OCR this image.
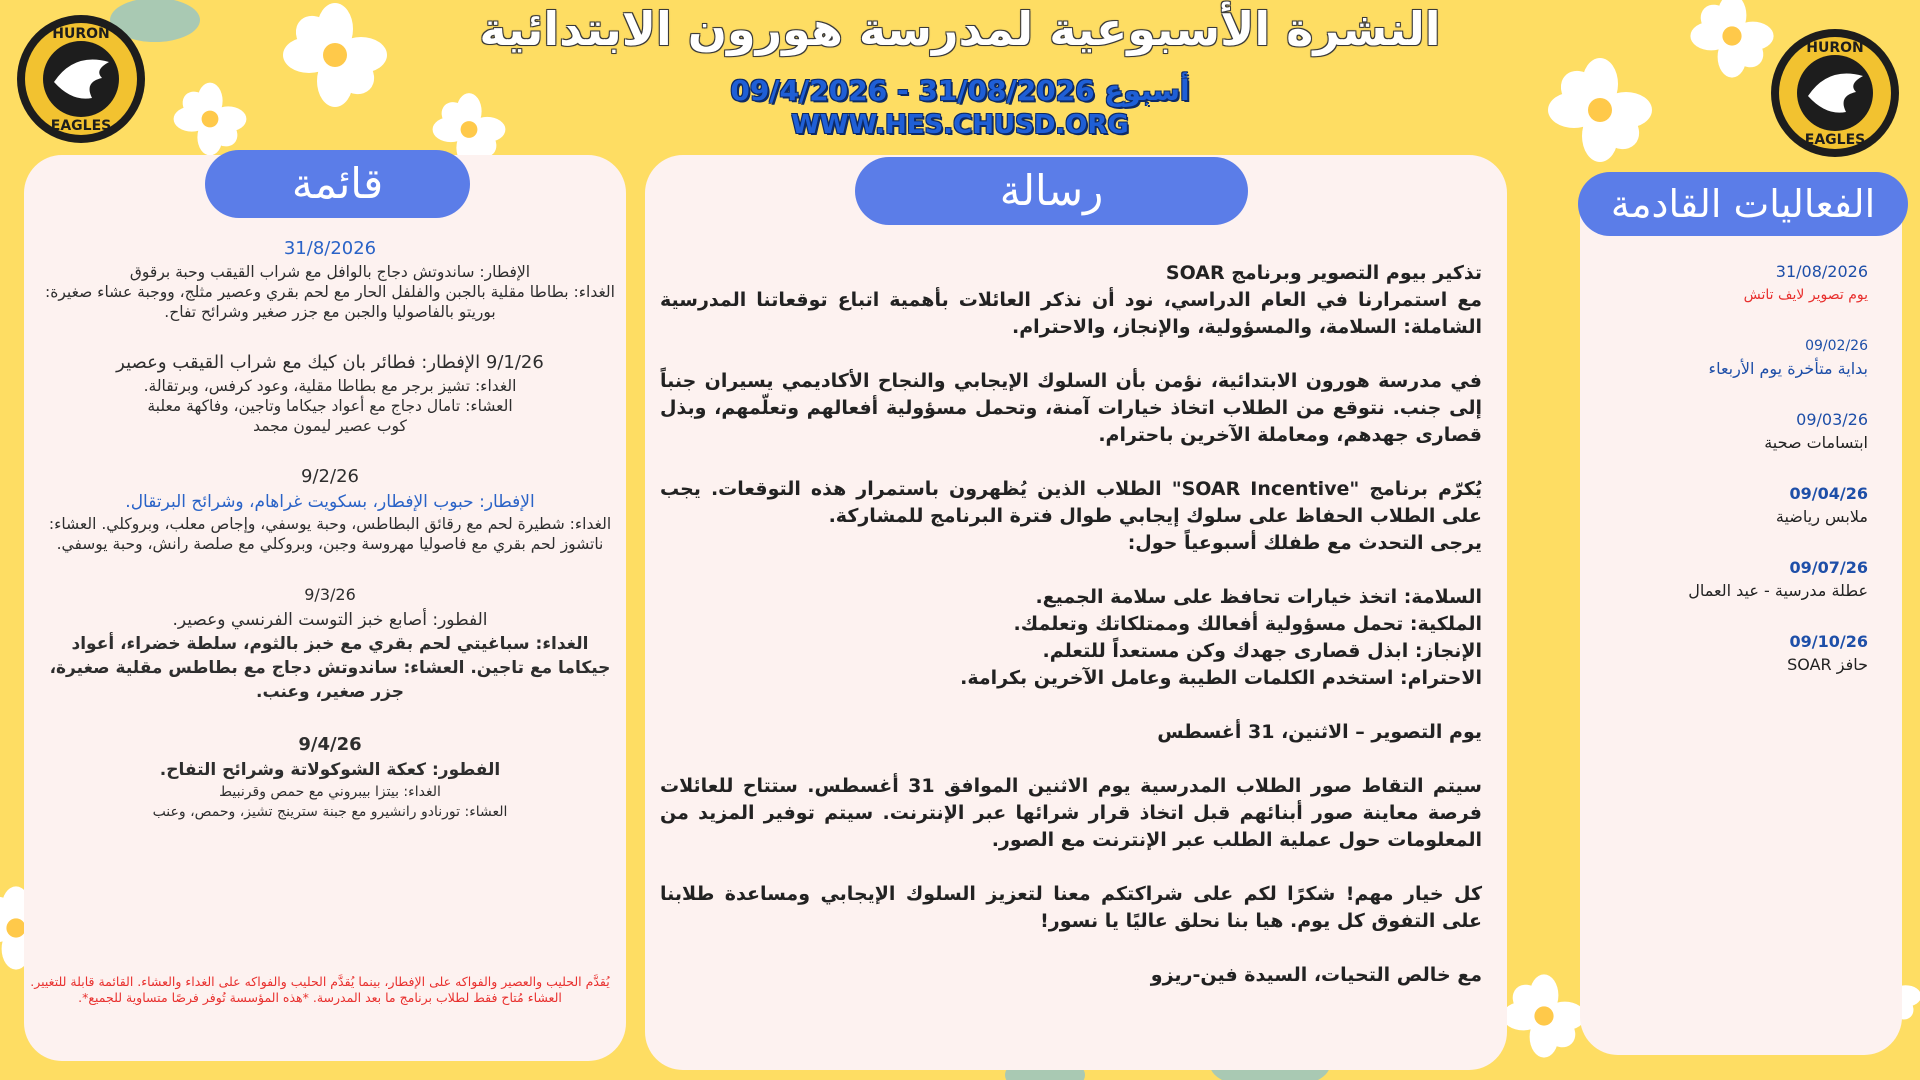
HURON
EAGLES
HURON
EAGLES
النشرة الأسبوعية لمدرسة هورون الابتدائية
أسبوع 31/08/2026 - 09/4/2026
WWW.HES.CHUSD.ORG
قائمة	رسالة	الفعاليات القادمة
31/8/2026
الإفطار: ساندوتش دجاج بالوافل مع شراب القيقب وحبة برقوق
الغداء: بطاطا مقلية بالجبن والفلفل الحار مع لحم بقري وعصير مثلج، ووجبة عشاء صغيرة: بوريتو بالفاصوليا والجبن مع جزر صغير وشرائح تفاح.
9/1/26 الإفطار: فطائر بان كيك مع شراب القيقب وعصير
الغداء: تشيز برجر مع بطاطا مقلية، وعود كرفس، وبرتقالة.
العشاء: تامال دجاج مع أعواد جيكاما وتاجين، وفاكهة معلبة
كوب عصير ليمون مجمد
9/2/26
الإفطار: حبوب الإفطار، بسكويت غراهام، وشرائح البرتقال.
الغداء: شطيرة لحم مع رقائق البطاطس، وحبة يوسفي، وإجاص معلب، وبروكلي. العشاء: ناتشوز لحم بقري مع فاصوليا مهروسة وجبن، وبروكلي مع صلصة رانش، وحبة يوسفي.
9/3/26
الفطور: أصابع خبز التوست الفرنسي وعصير.
الغداء: سباغيتي لحم بقري مع خبز بالثوم، سلطة خضراء، أعواد جيكاما مع تاجين. العشاء: ساندوتش دجاج مع بطاطس مقلية صغيرة، جزر صغير، وعنب.
9/4/26
الفطور: كعكة الشوكولاتة وشرائح التفاح.
الغداء: بيتزا بيبروني مع حمص وقرنبيط
العشاء: تورنادو رانشيرو مع جبنة سترينج تشيز، وحمص، وعنب
يُقدَّم الحليب والعصير والفواكه على الإفطار، بينما يُقدَّم الحليب والفواكه على الغداء والعشاء. القائمة قابلة للتغيير. العشاء مُتاح فقط لطلاب برنامج ما بعد المدرسة. *هذه المؤسسة تُوفر فرصًا متساوية للجميع*.

تذكير بيوم التصوير وبرنامج SOAR

مع استمرارنا في العام الدراسي، نود أن نذكر العائلات بأهمية اتباع توقعاتنا المدرسية الشاملة: السلامة، والمسؤولية، والإنجاز، والاحترام.

في مدرسة هورون الابتدائية، نؤمن بأن السلوك الإيجابي والنجاح الأكاديمي يسيران جنباً إلى جنب. نتوقع من الطلاب اتخاذ خيارات آمنة، وتحمل مسؤولية أفعالهم وتعلّمهم، وبذل قصارى جهدهم، ومعاملة الآخرين باحترام.

يُكرّم برنامج "SOAR Incentive" الطلاب الذين يُظهرون باستمرار هذه التوقعات. يجب على الطلاب الحفاظ على سلوك إيجابي طوال فترة البرنامج للمشاركة.

يرجى التحدث مع طفلك أسبوعياً حول:

السلامة: اتخذ خيارات تحافظ على سلامة الجميع.

الملكية: تحمل مسؤولية أفعالك وممتلكاتك وتعلمك.

الإنجاز: ابذل قصارى جهدك وكن مستعداً للتعلم.

الاحترام: استخدم الكلمات الطيبة وعامل الآخرين بكرامة.

يوم التصوير – الاثنين، 31 أغسطس

سيتم التقاط صور الطلاب المدرسية يوم الاثنين الموافق 31 أغسطس. ستتاح للعائلات فرصة معاينة صور أبنائهم قبل اتخاذ قرار شرائها عبر الإنترنت. سيتم توفير المزيد من المعلومات حول عملية الطلب عبر الإنترنت مع الصور.

كل خيار مهم! شكرًا لكم على شراكتكم معنا لتعزيز السلوك الإيجابي ومساعدة طلابنا على التفوق كل يوم. هيا بنا نحلق عاليًا يا نسور!

مع خالص التحيات، السيدة فين-ريزو

31/08/2026
يوم تصوير لايف تاتش
09/02/26
بداية متأخرة يوم الأربعاء
09/03/26
ابتسامات صحية
09/04/26
ملابس رياضية
09/07/26
عطلة مدرسية - عيد العمال
09/10/26
حافز SOAR
